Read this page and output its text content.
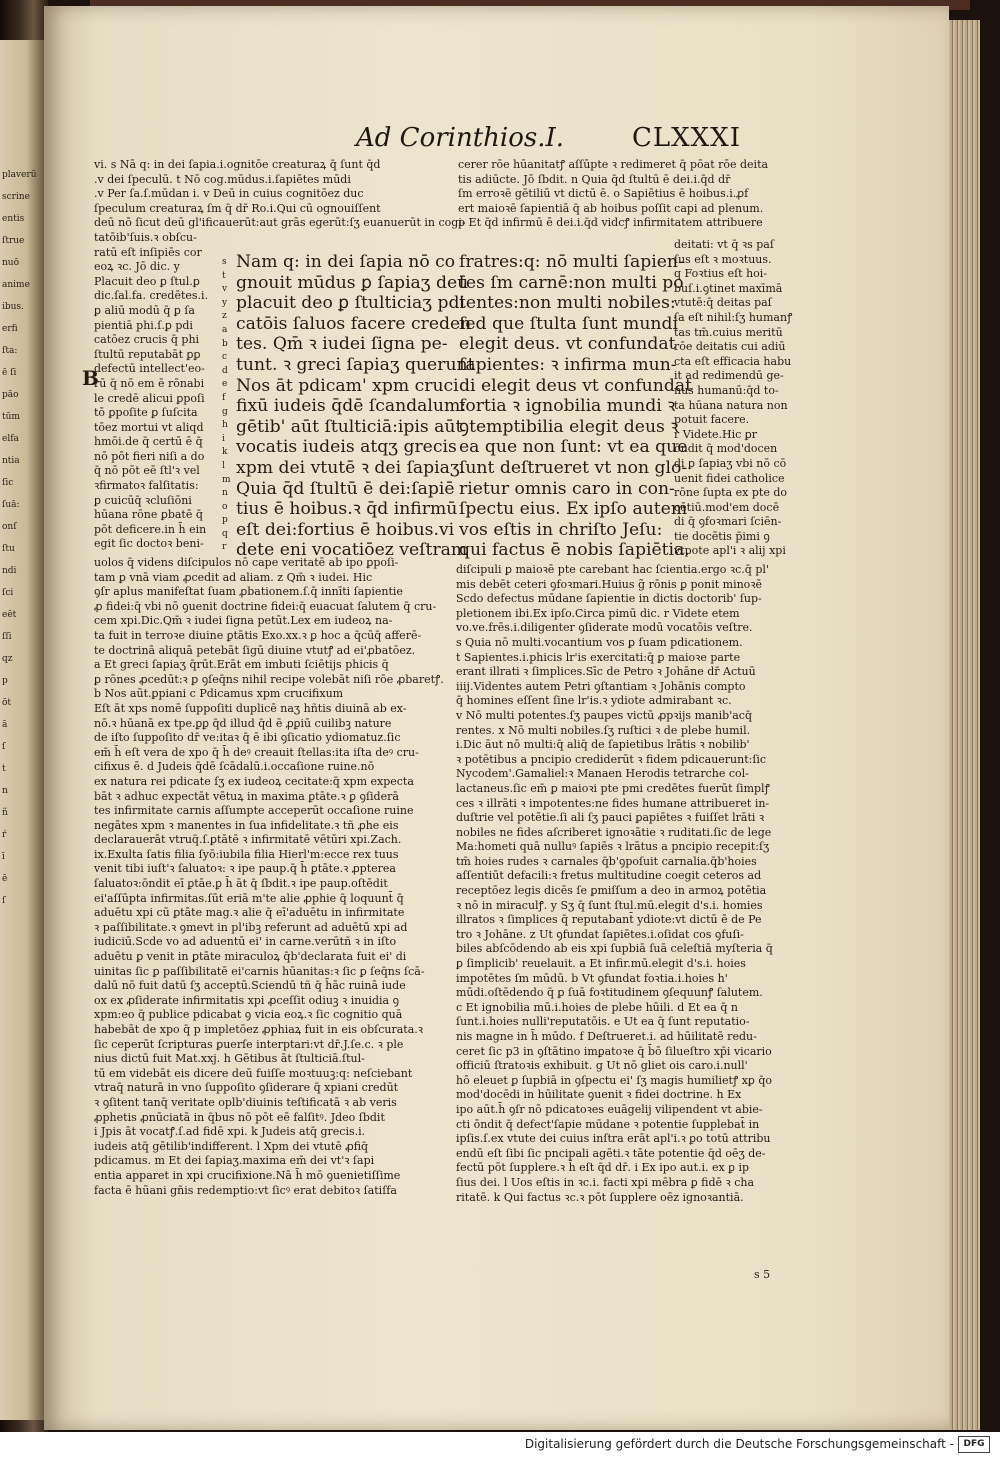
plaverū

scrine

entis

ſtrue

nuō

anime

ibus.

erfi

ſta:

ē ſi

pāo

tūm

elfa

ntia

ſic

ſuā:

onſ

ſtu

ndi

ſci

eēt

ſſi

qz

p

ōt

ā

ſ

t

n

ñ

ŕ

ī

ē

ſ

Ad Corinthios.I.	CLXXXI
B

vi. s Nā q: in dei ſapia.i.ognitōe creaturaꝝ q̄ ſunt q̄d

.v dei ſpeculū. t Nō cog.mūdus.i.ſapiētes mūdi

.v Per ſa.ſ.mūdan i. v Deū in cuius cognitōez duc

ſpeculum creaturaꝝ ſm q̄ dr̄ Ro.i.Qui cū ognouiſſent

deū nō ſicut deū gl'ificauerūt:aut grās egerūt:ſʒ euanuerūt in cogi-

tatōib'ſuis.ꝛ obſcu-

ratū eſt inſipiēs cor

eoꝝ ꝛc. Jō dic. y

Placuit deo ꝑ ſtul.ꝑ

dic.ſal.fa. credētes.i.

ꝑ aliū modū q̄ ꝑ ſa

pientiā phi.ſ.ꝑ pdi

catōez crucis q̄ phi

ſtultū reputabāt ꝑꝑ

defectū intellect'eo-

rū q̄ nō em ē rōnabi

le credē alicui ꝑpoſi

tō ꝑpoſite ꝑ ſuſcita

tōez mortui vt aliqd

hmōi.de q̄ certū ē q̄

nō pōt fieri niſi a do

q̄ nō pōt eē ſtl'ꝛ vel

ꝛfirmatoꝛ falſitatis:

ꝑ cuicūq̄ ꝛcluſiōni

hūana rōne ꝑbatē q̄

pōt deficere.in h̄ ein

egit ſic doctoꝛ beni-

Nam q: in dei ſapia nō co

gnouit mūdus ꝑ ſapiaʒ deū

placuit deo ꝑ ſtulticiaʒ pdi

catōis ſaluos facere creden

tes. Qm̄ ꝛ iudei ſigna pe-

tunt. ꝛ greci ſapiaʒ querunt

Nos āt pdicam' xpm cruci

fixū iudeis q̄dē ſcandalum:

gētib' aūt ſtulticiā:ipis aūt

vocatis iudeis atqʒ grecis

xpm dei vtutē ꝛ dei ſapiaʒ.

Quia q̄d ſtultū ē dei:ſapiē

tius ē hoibus.ꝛ q̄d infirmū

eſt dei:fortius ē hoibus.vi

dete eni vocatiōez veſtram

fratres:q: nō multi ſapien-

tes ſm carnē:non multi po

tentes:non multi nobiles:

ſed que ſtulta ſunt mundi

elegit deus. vt confundat

ſapientes: ꝛ infirma mun-

di elegit deus vt confundat

fortia ꝛ ignobilia mundi ꝛ

ꝯtemptibilia elegit deus ꝛ

ea que non ſunt: vt ea que

ſunt deſtrueret vt non glo-

rietur omnis caro in con-

ſpectu eius. Ex ipſo autem

vos eſtis in chriſto Jeſu:

qui factus ē nobis ſapiētia.

cerer rōe hūanitatꝭ aſſūpte ꝛ redimeret q̄ pōat rōe deita

tis adiūcte. Jō ſbdit. n Quia q̄d ſtultū ē dei.i.q̄d dr̄

ſm erroꝛē gētiliū vt dictū ē. o Sapiētius ē hoibus.i.ꝓf

ert maioꝛē ſapientiā q̄ ab hoibus poſſit capi ad plenum.

p Et q̄d infirmū ē dei.i.q̄d vidcꝭ infirmitatem attribuere

deitati: vt q̄ ꝛs paſ

ſus eſt ꝛ moꝛtuus.

q Foꝛtius eſt hoi-

buſ.i.ꝯtinet maxīmā

vtutē:q̄ deitas paſ

ſa eſt nihil:ſʒ humanꝭ

tas tm̄.cuius meritū

rōe deitatis cui adiū

cta eſt efficacia habu

it ad redimendū ge-

nus humanū:q̄d to-

ta hūana natura non

potuit facere.

r Videte.Hic ꝑr

ōndit q̄ mod'docen

di ꝑ ſapiaʒ vbi nō cō

uenit fidei catholice

rōne ſupta ex pte do

cētiū.mod'em docē

di q̄ ꝯfoꝛmari ſciēn-

tie docētis p̄imi ꝯ

vtpote apl'i ꝛ alij xpi

s

t

v

y

z

a

b

c

d

e

f

g

h

i

k

l

m

n

o

p

q

r

uolos q̄ videns diſcipulos nō cape veritatē ab ipo ꝑpoſi-

tam ꝑ vnā viam ꝓcedit ad aliam. z Qm̄ ꝛ iudei. Hic

ꝯſr aplus manifeſtat ſuam ꝓbationem.ſ.q̄ innīti ſapientie

ꝓ fidei:q̄ vbi nō ꝯuenit doctrine fidei:q̄ euacuat ſalutem q̄ cru-

cem xpi.Dic.Qm̄ ꝛ iudei ſigna petūt.Lex em iudeoꝝ na-

ta fuit in terroꝛe diuine ꝑtātis Exo.xx.ꝛ ꝑ hoc a q̄cūq̄ afferē-

te doctrinā aliquā petebāt ſigū diuine vtutꝭ ad ei'ꝓbatōez.

a Et greci ſapiaʒ q̄rūt.Erāt em imbuti ſciētijs phicis q̄

ꝑ rōnes ꝓcedūt:ꝛ ꝑ ꝯſeq̄ns nihil recipe volebāt niſi rōe ꝓbaretꝭ.

b Nos aūt.ꝑpiani c Pdicamus xpm crucifixum

Eſt āt xps nomē ſuppoſiti duplicē naʒ hñtis diuinā ab ex-

nō.ꝛ hūanā ex tpe.ꝑꝑ q̄d illud q̄d ē ꝓꝑiū cuilibꝫ nature

de iſto ſuppoſito dr̄ ve:itaꝛ q̄ ē ibi ꝯſicatio ydiomatuz.ſic

em̄ h̄ eſt vera de xpo q̄ h̄ deꝰ creauit ſtellas:ita iſta deꝰ cru-

cifixus ē. d Judeis q̄dē ſcādalū.i.occaſione ruine.nō

ex natura rei pdicate ſʒ ex iudeoꝝ cecitate:q̄ xpm expecta

bāt ꝛ adhuc expectāt vētuꝝ in maxima ꝑtāte.ꝛ ꝑ ꝯſiderā

tes infirmitate carnis aſſumpte acceperūt occaſione ruine

negātes xpm ꝛ manentes in ſua infidelitate.ꝛ tñ ꝓhe eis

declarauerāt vtruq̄.ſ.ꝑtātē ꝛ infirmitatē vētūri xpi.Zach.

ix.Exulta ſatis filia ſyō:iubila filia Hierl'm:ecce rex tuus

venit tibi iuſt'ꝛ ſaluatoꝛ: ꝛ ipe paup.q̄ h̄ ꝑtāte.ꝛ ꝓpterea

ſaluatoꝛ:ōndit eī ꝑtāe.ꝑ h̄ āt q̄ ſbdit.ꝛ ipe paup.oſtēdit

ei'aſſūpta infirmitas.ſūt eriā m'te alie ꝓphie q̄ loquunt̄ q̄

aduētu xpi cū ꝑtāte mag.ꝛ alie q̄ eī'aduētu in infirmitate

ꝛ paſſibilitate.ꝛ ꝯmevt in pl'ibꝫ referunt ad aduētū xpi ad

iudiciū.Scde vo ad aduentū ei' in carne.verūtñ ꝛ in iſto

aduētu ꝑ venit in ꝑtāte miraculoꝝ q̄b'declarata fuit ei' di

uinitas ſic ꝑ paſſibilitatē ei'carnis hūanitas:ꝛ ſic ꝑ ſeq̄ns ſcā-

dalū nō fuit datū ſʒ acceptū.Sciendū tñ q̄ h̄āc ruinā iude

ox ex ꝓſiderate infirmitatis xpi ꝓceſſit odiuꝫ ꝛ inuidia ꝯ

xpm:eo q̄ publice pdicabat ꝯ vicia eoꝝ.ꝛ ſic cognitio quā

habebāt de xpo q̄ p impletōez ꝓphiaꝝ fuit in eis obſcurata.ꝛ

ſic ceperūt ſcripturas ꝑuerſe interptari:vt dr̄.J.ſe.c. ꝛ ple

nius dictū fuit Mat.xxj. h Gētibus āt ſtulticiā.ſtul-

tū em videbāt eis dicere deū fuiſſe moꝛtuuꝫ:q: neſciebant

vtraq̄ naturā in vno ſuppoſito ꝯſiderare q̄ xpiani credūt

ꝛ ꝯſitent tanq̄ veritate oplb'diuinis teſtificatā ꝛ ab veris

ꝓphetis ꝓnūciatā in q̄bus nō pōt eē falſitꝰ. Jdeo ſbdit

i Jpis āt vocatꝭ.ſ.ad fidē xpi. k Judeis atq̄ grecis.i.

iudeis atq̄ gētilib'indifferent. l Xpm dei vtutē ꝓfiq̄

pdicamus. m Et dei ſapiaʒ.maxima em̄ dei vt'ꝛ ſapi

entia apparet in xpi crucifixione.Nā h̄ mō ꝯuenietiſſime

facta ē hūani gn̄is redemptio:vt ſicꝰ erat debitoꝛ ſatiſfa

diſcipuli ꝑ maioꝛē pte carebant hac ſcientia.ergo ꝛc.q̄ pl'

mis debēt ceteri ꝯfoꝛmari.Huius g̃ rōnis ꝑ ponit minoꝛē

Scdo defectus mūdane ſapientie in dictis doctorib' ſup-

pletionem ibi.Ex ipſo.Circa pimū dic. r Videte etem

vo.ve.frēs.i.diligenter ꝯſiderate modū vocatōis veſtre.

s Quia nō multi.vocantium vos ꝑ ſuam pdicationem.

t Sapientes.i.phicis lr'is exercitati:q̄ ꝑ maioꝛe parte

erant illrati ꝛ ſimplices.Sīc de Petro ꝛ Johāne dr̄ Actuū

iiij.Videntes autem Petri ꝯſtantiam ꝛ Johānis compto

q̄ homines eſſent ſine lr'is.ꝛ ydiote admirabant ꝛc.

v Nō multi potentes.ſʒ paupes victū ꝓpꝛijs manib'acq̄

rentes. x Nō multi nobiles.ſʒ ruſtici ꝛ de plebe humil.

i.Dic āut nō multi:q̄ aliq̄ de ſapietibus lrātis ꝛ nobilib'

ꝛ potētibus a pncipio crediderūt ꝛ fidem pdicauerunt:ſic

Nycodem'.Gamaliel:ꝛ Manaen Herodis tetrarche col-

lactaneus.ſic em̄ ꝑ maioꝛi pte pmi credētes fuerūt ſimplꝭ

ces ꝛ illrāti ꝛ impotentes:ne fides humane attribueret in-

duſtrie vel potētie.ſi ali ſʒ pauci ꝑapiētes ꝛ fuiſſet lrāti ꝛ

nobiles ne fides aſcriberet ignoꝛātie ꝛ ruditati.ſic de lege

Ma:hometi quā nulluꝰ ſapiēs ꝛ lrātus a pncipio recepit:ſʒ

tm̄ hoies rudes ꝛ carnales q̄b'ꝯpoſuit carnalia.q̄b'hoies

aſſentiūt defacili:ꝛ fretus multitudine coegit ceteros ad

receptōez legis dicēs ſe ꝑmiſſum a deo in armoꝝ potētia

ꝛ nō in miraculꝭ. y Sʒ q̄ ſunt ſtul.mū.elegit d's.i. homies

illratos ꝛ ſimplices q̄ reputabant̄ ydiote:vt dictū ē de Pe

tro ꝛ Johāne. z Ut ꝯfundat ſapiētes.i.oſidat cos ꝯfuſi-

biles abſcōdendo ab eis xpi ſupbiā ſuā celeſtiā myſteria q̄

ꝑ ſimplicib' reuelauit. a Et infir.mū.elegit d's.i. hoies

impotētes ſm mūdū. b Vt ꝯfundat foꝛtia.i.hoies h'

mūdi.oſtēdendo q̄ ꝑ ſuā foꝛtitudinem ꝯſequunꝭ ſalutem.

c Et ignobilia mū.i.hoies de plebe hūili. d Et ea q̄ n

ſunt.i.hoies nulli'reputatōis. e Ut ea q̄ ſunt reputatio-

nis magne in h̄ mūdo. f Deſtrueret.i. ad hūilitatē redu-

ceret ſic p3 in ꝯſtātino imꝑatoꝛe q̄ b̄ō ſilueſtro xp̄i vicario

officiū ſtratoꝛis exhibuit. g Ut nō gliet ois caro.i.null'

hō eleuet ꝑ ſupbiā in ꝯſpectu ei' ſʒ magis humilietꝭ xꝑ q̄o

mod'docēdi in hūilitate ꝯuenit ꝛ fidei doctrine. h Ex

ipo aūt.h̄ ꝯſr nō pdicatoꝛes euāgelij vilipendent vt abie-

cti ōndit q̄ defect'ſapie mūdane ꝛ potentie ſupplebat̄ in

ipſis.ſ.ex vtute dei cuius inſtra erāt apl'i.ꝛ ꝑo totū attribu

endū eſt ſibi ſic pncipali agēti.ꝛ tāte potentie q̄d oēʒ de-

fectū pōt ſupplere.ꝛ h̄ eſt q̄d dr̄. i Ex ipo aut.i. ex ꝑ ip

ſius dei. l Uos eſtis in ꝛc.i. facti xpi mēbra ꝑ fidē ꝛ cha

ritatē. k Qui factus ꝛc.ꝛ pōt ſupplere oēz ignoꝛantiā.

s 5
Digitalisierung gefördert durch die Deutsche Forschungsgemeinschaft -	DFG
